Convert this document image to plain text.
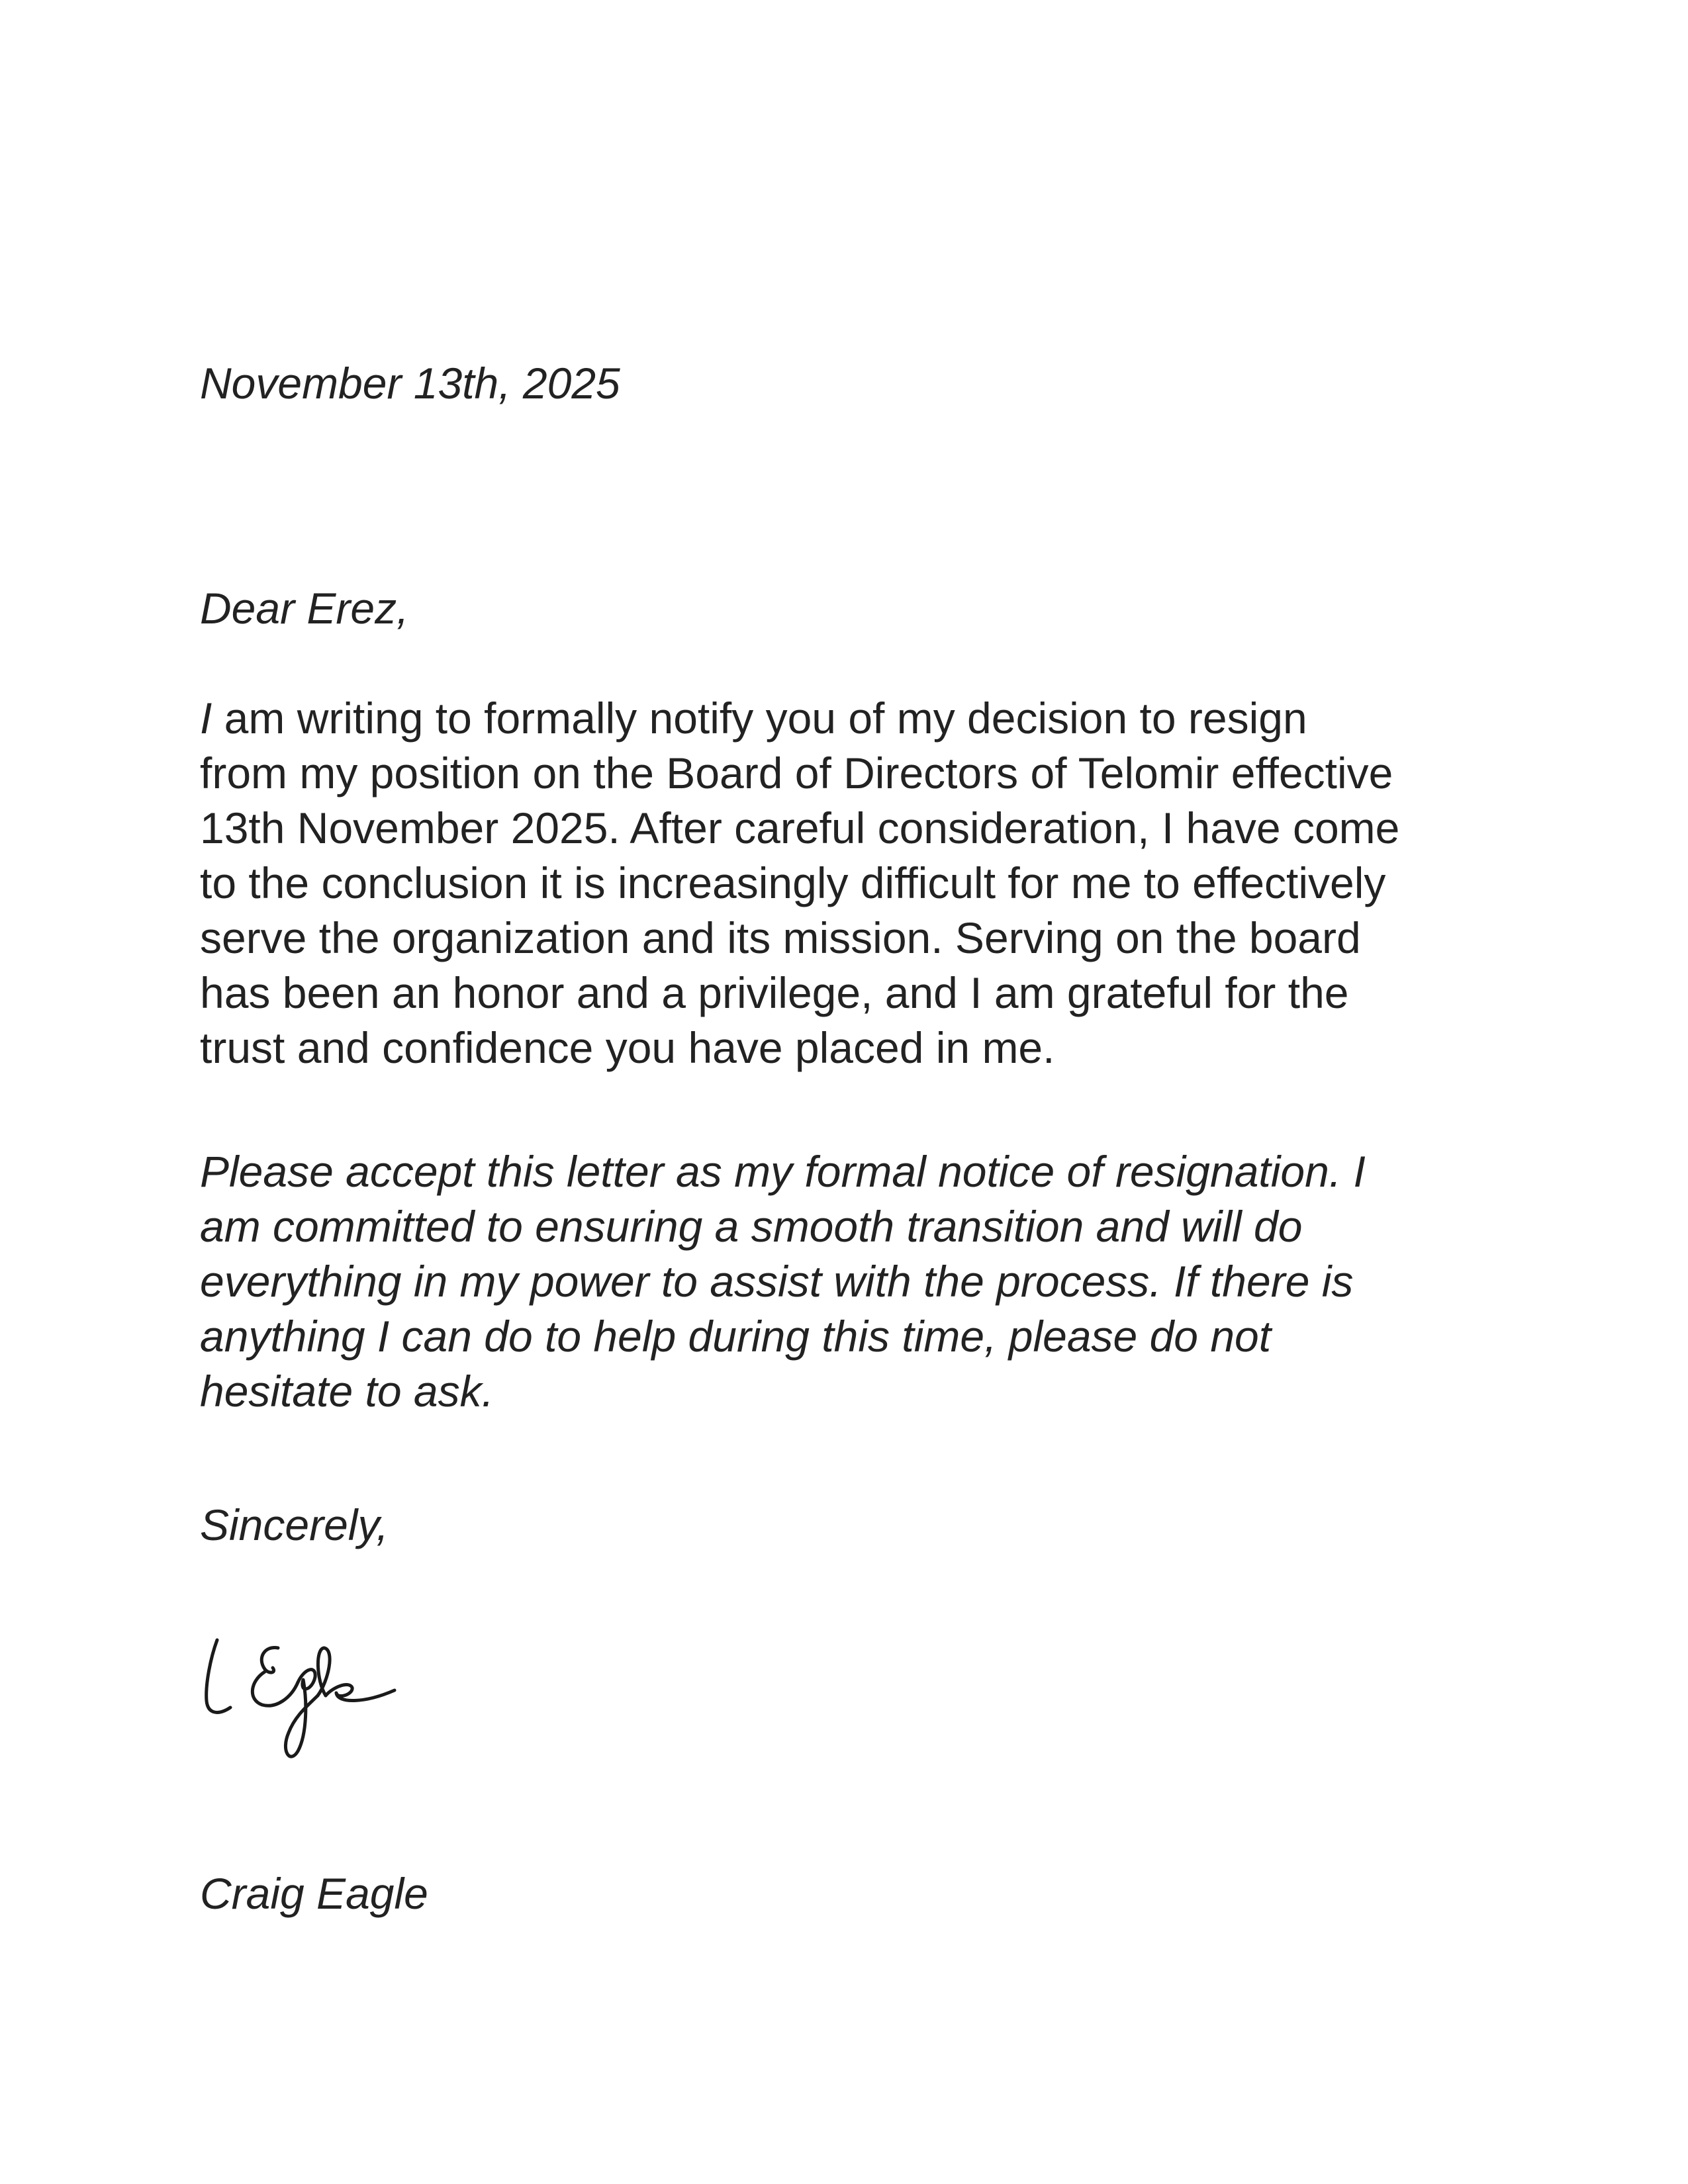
November 13th, 2025

Dear Erez,

I am writing to formally notify you of my decision to resign
from my position on the Board of Directors of Telomir effective
13th November 2025. After careful consideration, I have come
to the conclusion it is increasingly difficult for me to effectively
serve the organization and its mission. Serving on the board
has been an honor and a privilege, and I am grateful for the
trust and confidence you have placed in me.
Please accept this letter as my formal notice of resignation. I
am committed to ensuring a smooth transition and will do
everything in my power to assist with the process. If there is
anything I can do to help during this time, please do not
hesitate to ask.

Sincerely,

Craig Eagle
